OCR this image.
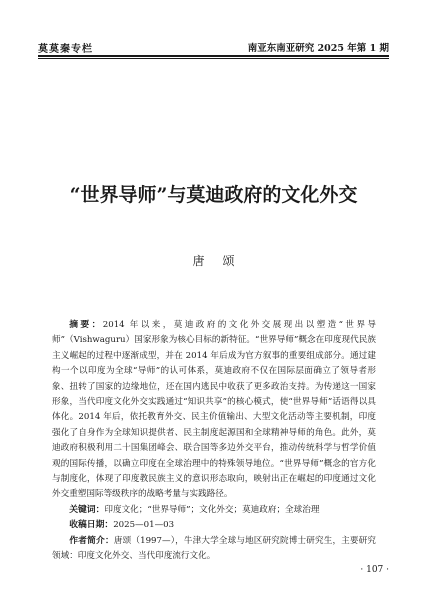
莫莫秦专栏	南亚东南亚研究 2025 年第 1 期
“世界导师”与莫迪政府的文化外交
唐颂

摘要：2014 年以来，莫迪政府的文化外交展现出以塑造“世界导师”（Vishwaguru）国家形象为核心目标的新特征。“世界导师”概念在印度现代民族主义崛起的过程中逐渐成型，并在 2014 年后成为官方叙事的重要组成部分。通过建构一个以印度为全球“导师”的认可体系，莫迪政府不仅在国际层面确立了领导者形象、扭转了国家的边缘地位，还在国内逃民中收获了更多政治支持。为传递这一国家形象，当代印度文化外交实践通过“知识共享”的核心模式，使“世界导师”话语得以具体化。2014 年后，依托教育外交、民主价值输出、大型文化活动等主要机制，印度强化了自身作为全球知识提供者、民主制度起源国和全球精神导师的角色。此外，莫迪政府积极利用二十国集团峰会、联合国等多边外交平台，推动传统科学与哲学价值观的国际传播，以确立印度在全球治理中的特殊领导地位。“世界导师”概念的官方化与制度化，体现了印度教民族主义的意识形态取向，映射出正在崛起的印度通过文化外交重塑国际等级秩序的战略考量与实践路径。

关键词：印度文化；“世界导师”；文化外交；莫迪政府；全球治理

收稿日期：2025—01—03

作者简介：唐颂（1997—），牛津大学全球与地区研究院博士研究生，主要研究领域：印度文化外交、当代印度流行文化。

· 107 ·
